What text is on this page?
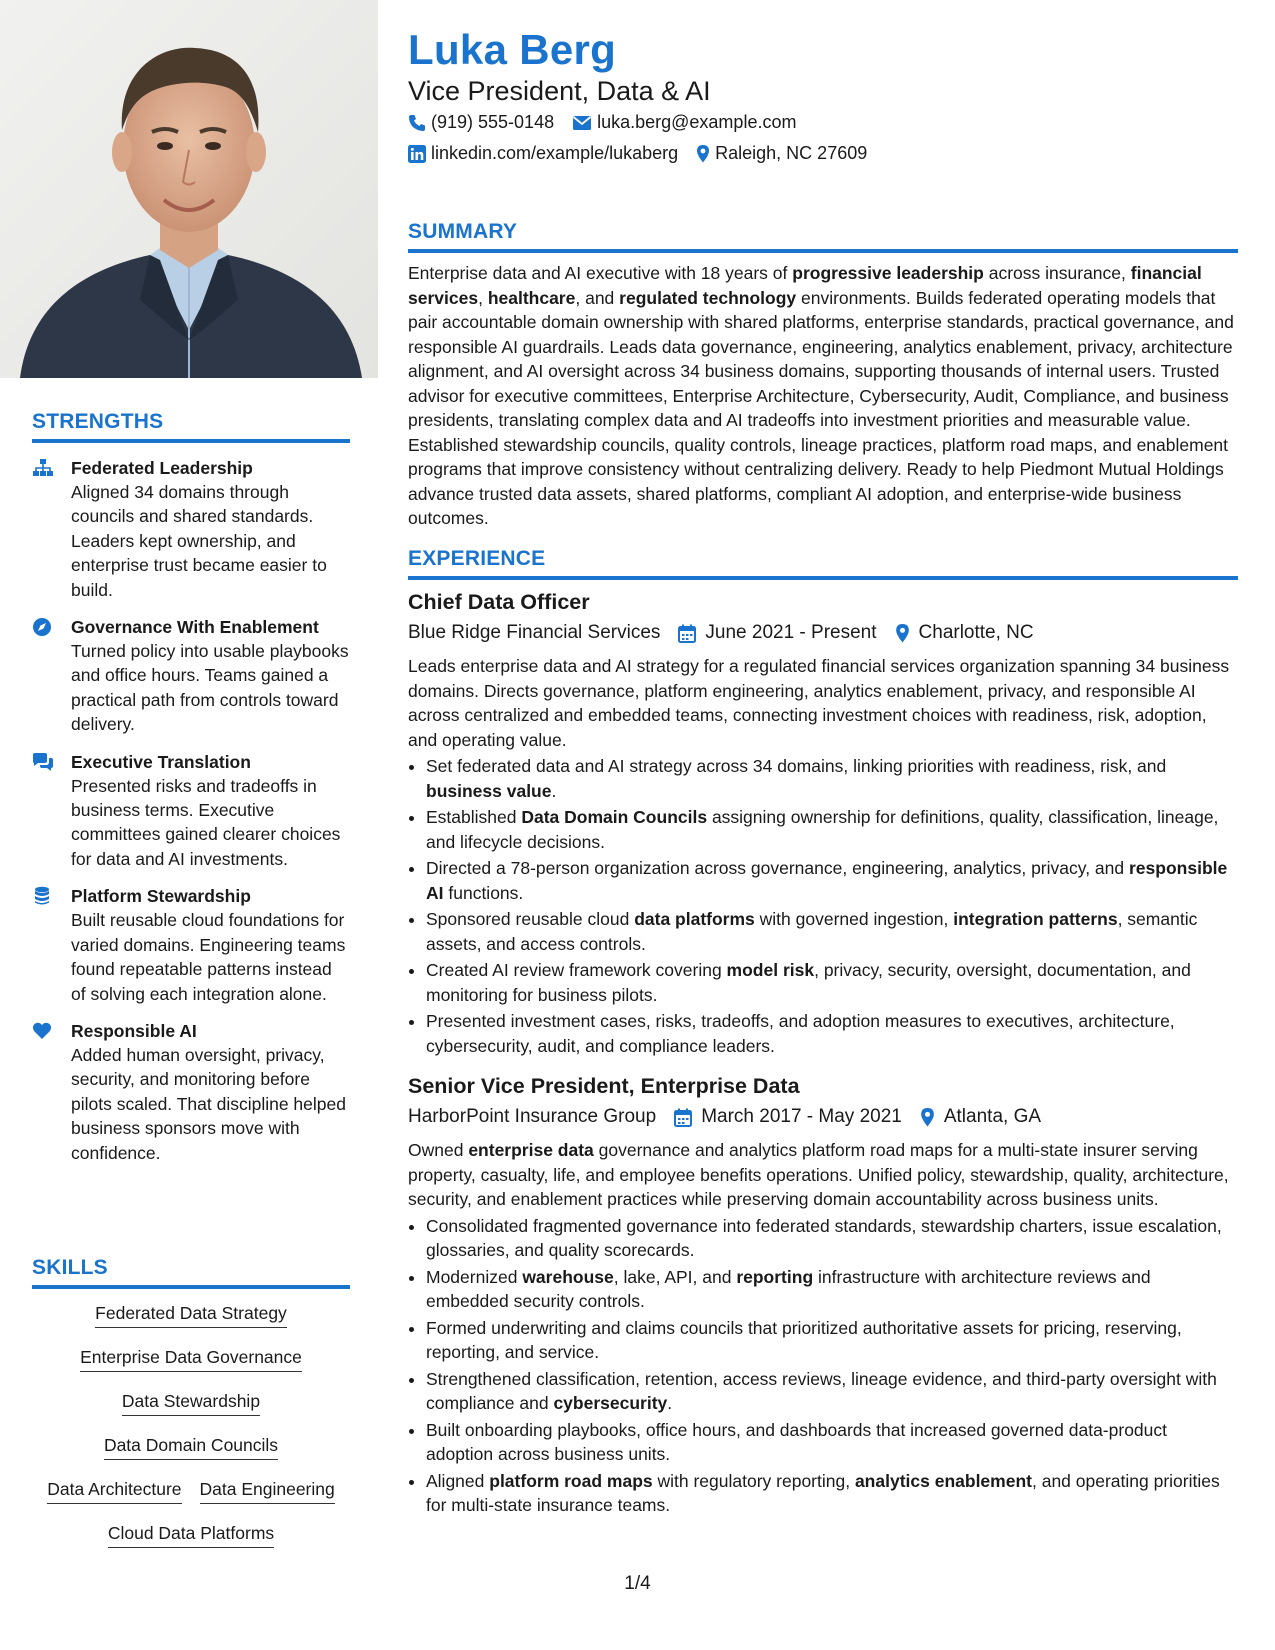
STRENGTHS
Federated Leadership
Aligned 34 domains through councils and shared standards. Leaders kept ownership, and enterprise trust became easier to build.
Governance With Enablement
Turned policy into usable playbooks and office hours. Teams gained a practical path from controls toward delivery.
Executive Translation
Presented risks and tradeoffs in business terms. Executive committees gained clearer choices for data and AI investments.
Platform Stewardship
Built reusable cloud foundations for varied domains. Engineering teams found repeatable patterns instead of solving each integration alone.
Responsible AI
Added human oversight, privacy, security, and monitoring before pilots scaled. That discipline helped business sponsors move with confidence.
SKILLS
Federated Data Strategy
Enterprise Data Governance
Data Stewardship
Data Domain Councils
Data Architecture Data Engineering
Cloud Data Platforms
Luka Berg
Vice President, Data & AI
(919) 555-0148 luka.berg@example.com
linkedin.com/example/lukaberg Raleigh, NC 27609
SUMMARY

Enterprise data and AI executive with 18 years of progressive leadership across insurance, financial services, healthcare, and regulated technology environments. Builds federated operating models that pair accountable domain ownership with shared platforms, enterprise standards, practical governance, and responsible AI guardrails. Leads data governance, engineering, analytics enablement, privacy, architecture alignment, and AI oversight across 34 business domains, supporting thousands of internal users. Trusted advisor for executive committees, Enterprise Architecture, Cybersecurity, Audit, Compliance, and business presidents, translating complex data and AI tradeoffs into investment priorities and measurable value. Established stewardship councils, quality controls, lineage practices, platform road maps, and enablement programs that improve consistency without centralizing delivery. Ready to help Piedmont Mutual Holdings advance trusted data assets, shared platforms, compliant AI adoption, and enterprise-wide business outcomes.

EXPERIENCE
Chief Data Officer
Blue Ridge Financial Services June 2021 - Present Charlotte, NC

Leads enterprise data and AI strategy for a regulated financial services organization spanning 34 business domains. Directs governance, platform engineering, analytics enablement, privacy, and responsible AI across centralized and embedded teams, connecting investment choices with readiness, risk, adoption, and operating value.

• Set federated data and AI strategy across 34 domains, linking priorities with readiness, risk, and business value.
• Established Data Domain Councils assigning ownership for definitions, quality, classification, lineage, and lifecycle decisions.
• Directed a 78-person organization across governance, engineering, analytics, privacy, and responsible AI functions.
• Sponsored reusable cloud data platforms with governed ingestion, integration patterns, semantic assets, and access controls.
• Created AI review framework covering model risk, privacy, security, oversight, documentation, and monitoring for business pilots.
• Presented investment cases, risks, tradeoffs, and adoption measures to executives, architecture, cybersecurity, audit, and compliance leaders.
Senior Vice President, Enterprise Data
HarborPoint Insurance Group March 2017 - May 2021 Atlanta, GA

Owned enterprise data governance and analytics platform road maps for a multi-state insurer serving property, casualty, life, and employee benefits operations. Unified policy, stewardship, quality, architecture, security, and enablement practices while preserving domain accountability across business units.

• Consolidated fragmented governance into federated standards, stewardship charters, issue escalation, glossaries, and quality scorecards.
• Modernized warehouse, lake, API, and reporting infrastructure with architecture reviews and embedded security controls.
• Formed underwriting and claims councils that prioritized authoritative assets for pricing, reserving, reporting, and service.
• Strengthened classification, retention, access reviews, lineage evidence, and third-party oversight with compliance and cybersecurity.
• Built onboarding playbooks, office hours, and dashboards that increased governed data-product adoption across business units.
• Aligned platform road maps with regulatory reporting, analytics enablement, and operating priorities for multi-state insurance teams.
1/4
